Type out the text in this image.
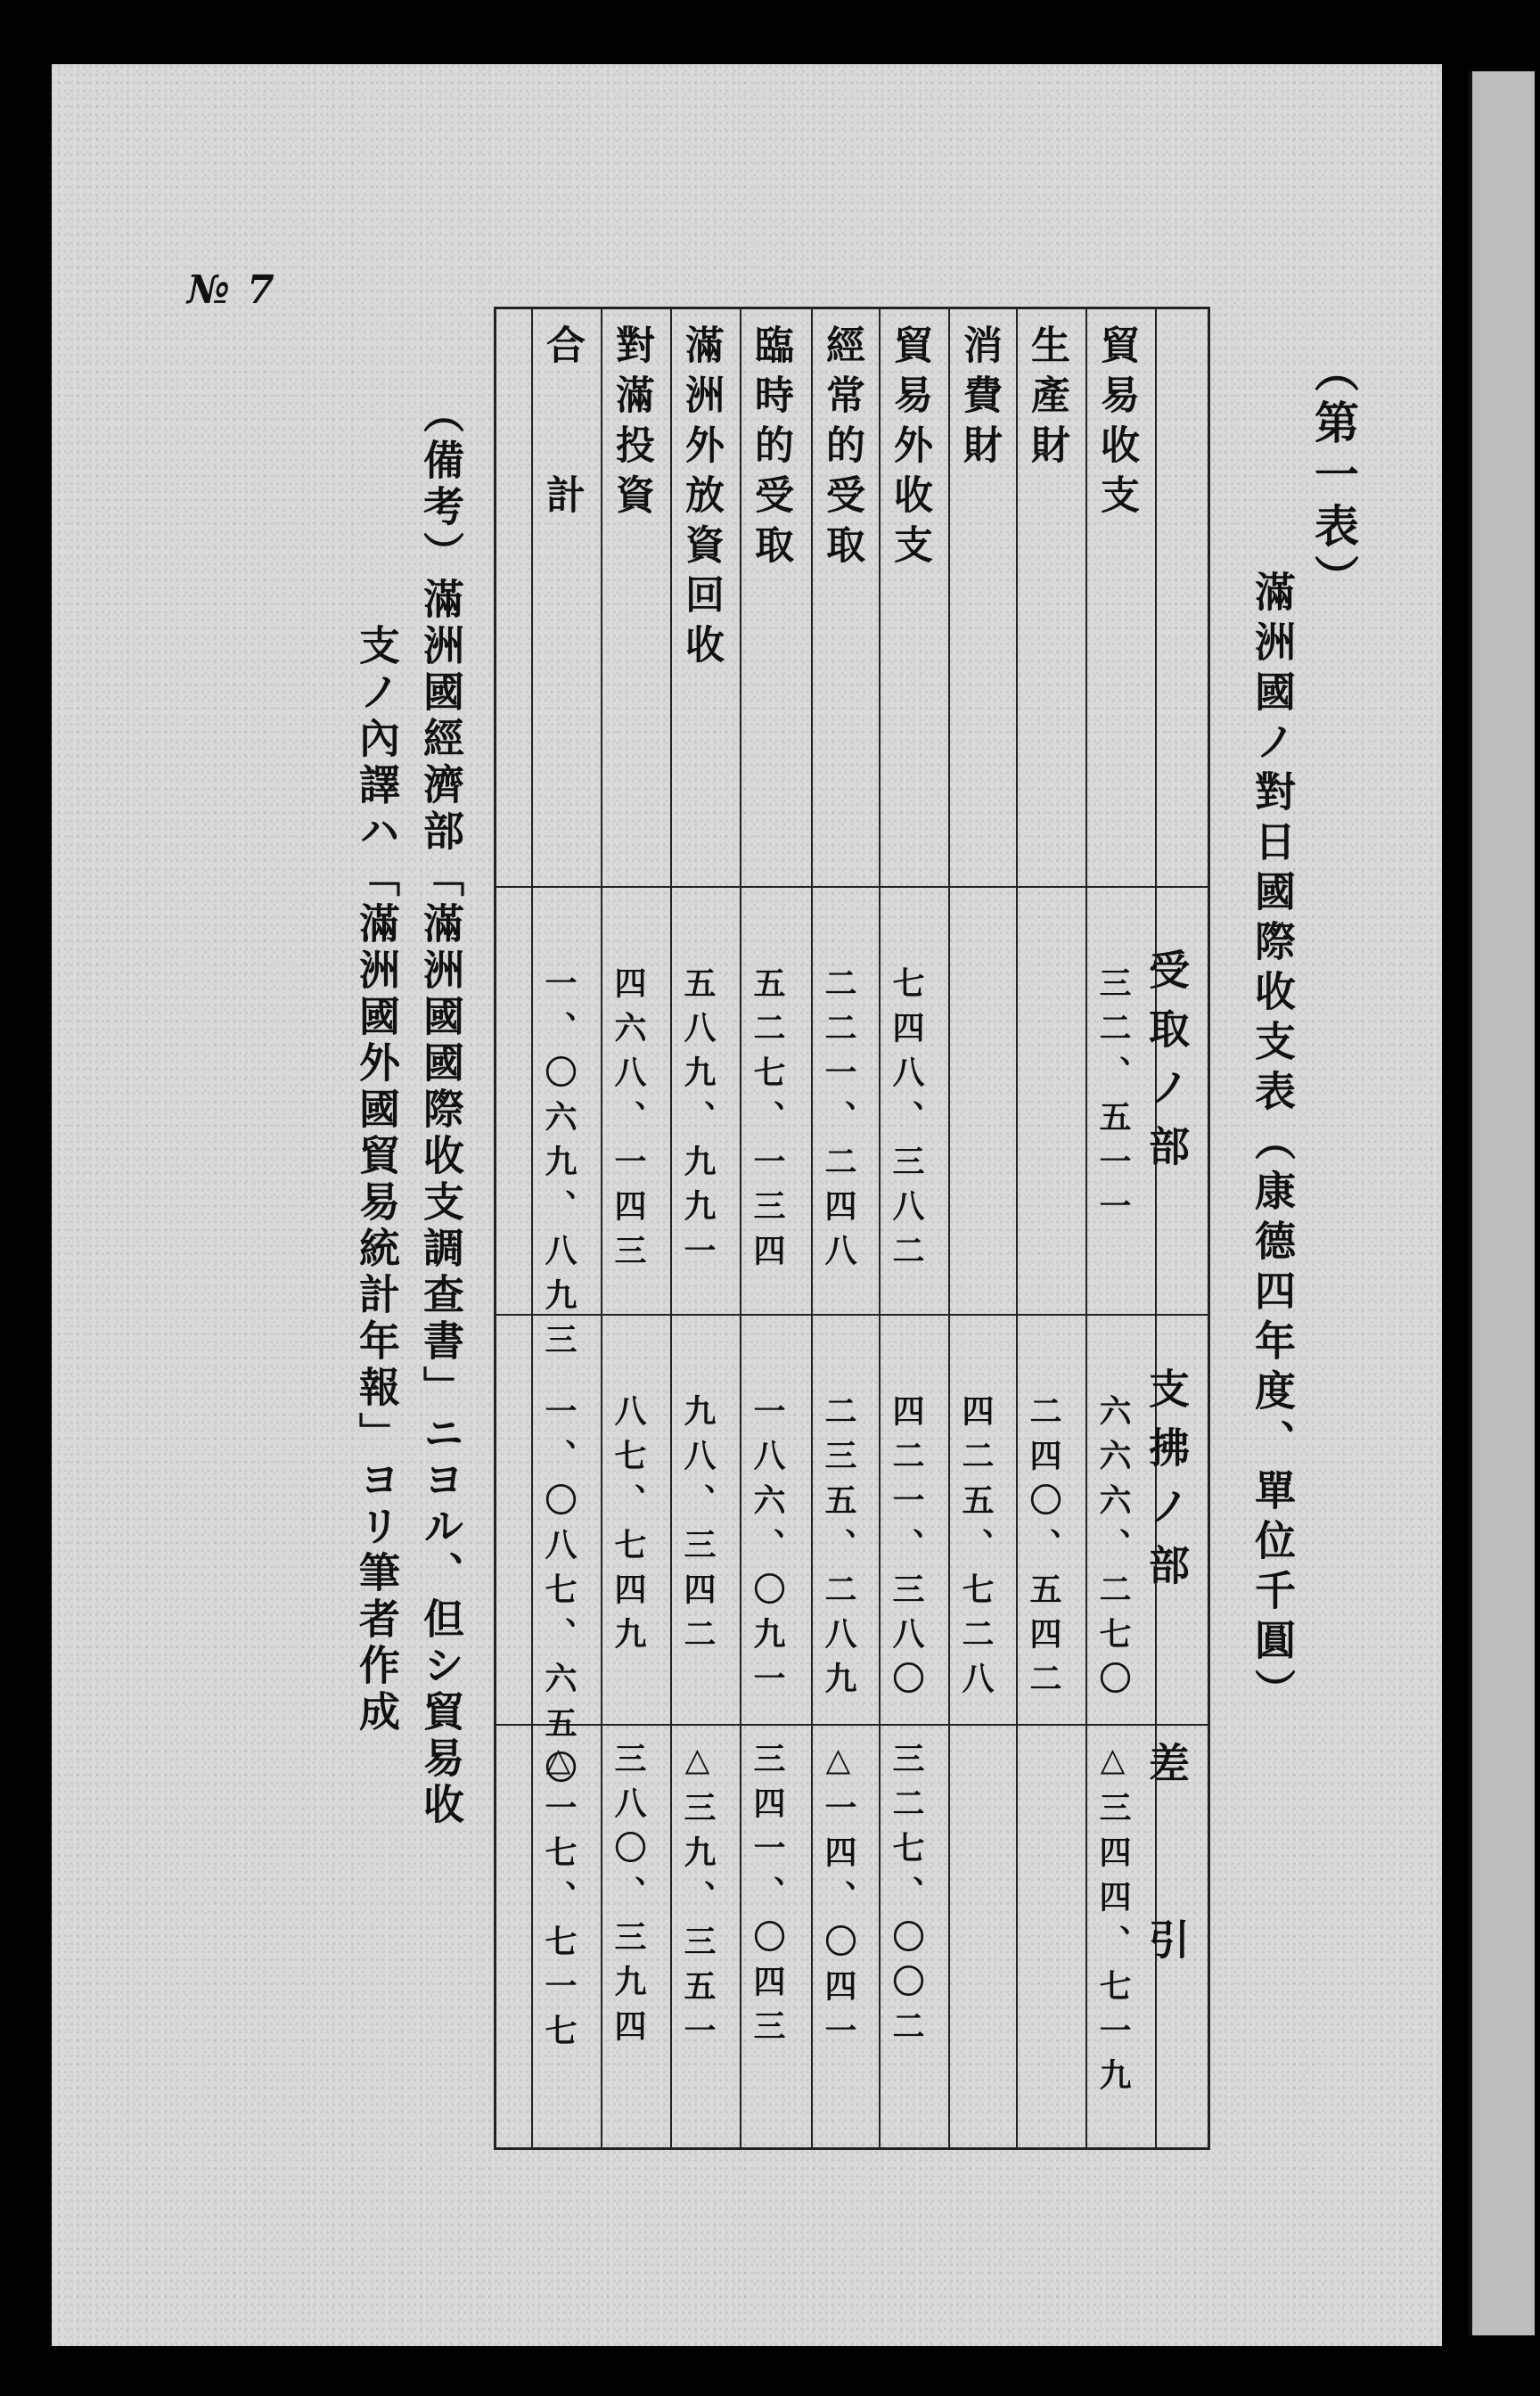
№ 7
（第一表）
滿洲國ノ對日國際收支表（康德四年度、單位千圓）
受取ノ部
支拂ノ部
差　　引
貿易收支
三二、五一一
六六六、二七〇
△三四四、七一九
生產財
二四〇、五四二
消費財
四二五、七二八
貿易外收支
七四八、三八二
四二一、三八〇
三二七、〇〇二
經常的受取
二二一、二四八
二三五、二八九
△一四、〇四一
臨時的受取
五二七、一三四
一八六、〇九一
三四一、〇四三
滿洲外放資回收
五八九、九九一
九八、三四二
△三九、三五一
對滿投資
四六八、一四三
八七、七四九
三八〇、三九四
合　　計
一、〇六九、八九三
一、〇八七、六五〇
△一七、七一七
（備考）滿洲國經濟部「滿洲國國際收支調查書」ニヨル、但シ貿易收
支ノ內譯ハ「滿洲國外國貿易統計年報」ヨリ筆者作成
